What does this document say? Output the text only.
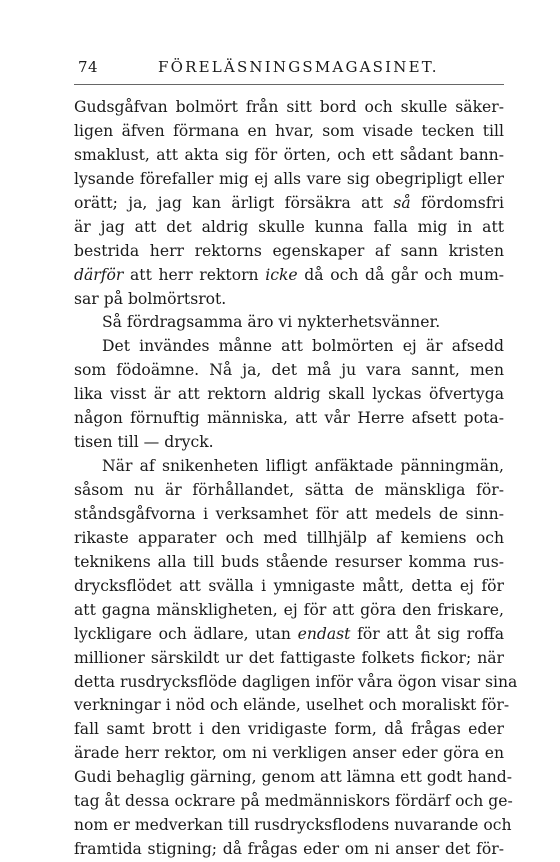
74	FÖRELÄSNINGSMAGASINET.
Gudsgåfvan bolmört från sitt bord och skulle säker-
ligen äfven förmana en hvar, som visade tecken till
smaklust, att akta sig för örten, och ett sådant bann-
lysande förefaller mig ej alls vare sig obegripligt eller
orätt; ja, jag kan ärligt försäkra att så fördomsfri
är jag att det aldrig skulle kunna falla mig in att
bestrida herr rektorns egenskaper af sann kristen
därför att herr rektorn icke då och då går och mum-
sar på bolmörtsrot.
Så fördragsamma äro vi nykterhetsvänner.
Det invändes månne att bolmörten ej är afsedd
som födoämne. Nå ja, det må ju vara sannt, men
lika visst är att rektorn aldrig skall lyckas öfvertyga
någon förnuftig människa, att vår Herre afsett pota-
tisen till — dryck.
När af snikenheten lifligt anfäktade pänningmän,
såsom nu är förhållandet, sätta de mänskliga för-
ståndsgåfvorna i verksamhet för att medels de sinn-
rikaste apparater och med tillhjälp af kemiens och
teknikens alla till buds stående resurser komma rus-
drycksflödet att svälla i ymnigaste mått, detta ej för
att gagna mänskligheten, ej för att göra den friskare,
lyckligare och ädlare, utan endast för att åt sig roffa
millioner särskildt ur det fattigaste folkets fickor; när
detta rusdrycksflöde dagligen inför våra ögon visar sina
verkningar i nöd och elände, uselhet och moraliskt för-
fall samt brott i den vridigaste form, då frågas eder
ärade herr rektor, om ni verkligen anser eder göra en
Gudi behaglig gärning, genom att lämna ett godt hand-
tag åt dessa ockrare på medmänniskors fördärf och ge-
nom er medverkan till rusdrycksflodens nuvarande och
framtida stigning; då frågas eder om ni anser det för-
